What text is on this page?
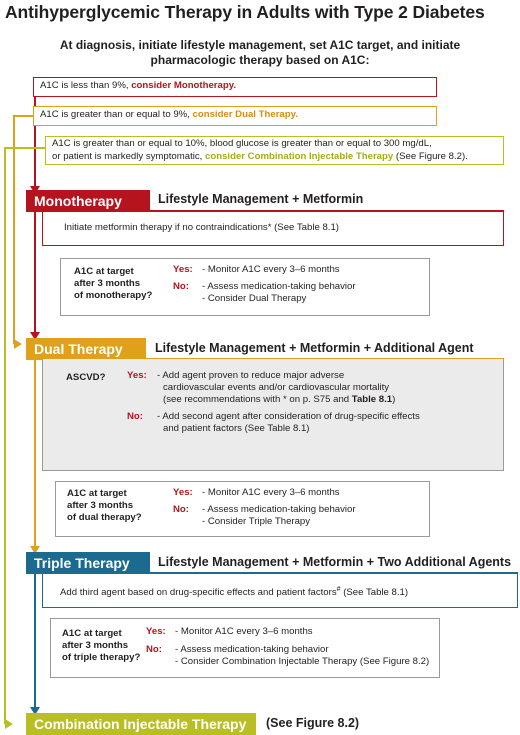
Antihyperglycemic Therapy in Adults with Type 2 Diabetes
At diagnosis, initiate lifestyle management, set A1C target, and initiate
pharmacologic therapy based on A1C:
A1C is less than 9%, consider Monotherapy.
A1C is greater than or equal to 9%, consider Dual Therapy.
A1C is greater than or equal to 10%, blood glucose is greater than or equal to 300 mg/dL,
or patient is markedly symptomatic, consider Combination Injectable Therapy (See Figure 8.2).
Monotherapy	Lifestyle Management + Metformin
Initiate metformin therapy if no contraindications* (See Table 8.1)
A1C at target
after 3 months
of monotherapy?
Yes: - Monitor A1C every 3–6 months
No: - Assess medication-taking behavior
- Consider Dual Therapy
Dual Therapy	Lifestyle Management + Metformin + Additional Agent
ASCVD? Yes: - Add agent proven to reduce major adverse
cardiovascular events and/or cardiovascular mortality
(see recommendations with * on p. S75 and Table 8.1)
No: - Add second agent after consideration of drug-specific effects
and patient factors (See Table 8.1)
A1C at target
after 3 months
of dual therapy?
Yes: - Monitor A1C every 3–6 months
No: - Assess medication-taking behavior
- Consider Triple Therapy
Triple Therapy	Lifestyle Management + Metformin + Two Additional Agents
Add third agent based on drug-specific effects and patient factors# (See Table 8.1)
A1C at target
after 3 months
of triple therapy?
Yes: - Monitor A1C every 3–6 months
No: - Assess medication-taking behavior
- Consider Combination Injectable Therapy (See Figure 8.2)
Combination Injectable Therapy	(See Figure 8.2)
